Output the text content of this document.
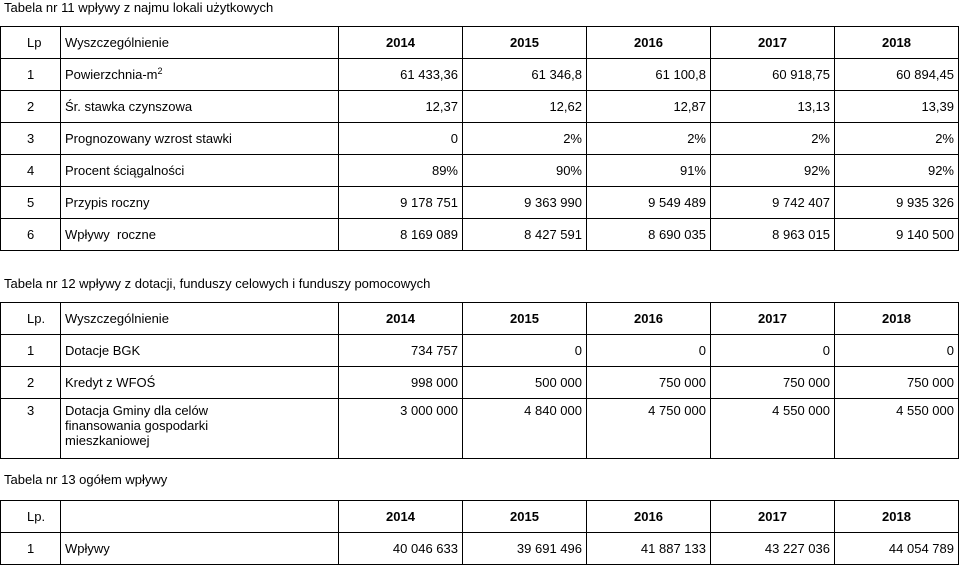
Tabela nr 11 wpływy z najmu lokali użytkowych
Lp	Wyszczególnienie	2014	2015	2016	2017	2018
1	Powierzchnia-$m^2$	61 433,36	61 346,8	61 100,8	60 918,75	60 894,45
2	Śr. stawka czynszowa	12,37	12,62	12,87	13,13	13,39
3	Prognozowany wzrost stawki	0	2%	2%	2%	2%
4	Procent ściągalności	89%	90%	91%	92%	92%
5	Przypis roczny	9 178 751	9 363 990	9 549 489	9 742 407	9 935 326
6	Wpływy  roczne	8 169 089	8 427 591	8 690 035	8 963 015	9 140 500
Tabela nr 12 wpływy z dotacji, funduszy celowych i funduszy pomocowych
Lp.	Wyszczególnienie	2014	2015	2016	2017	2018
1	Dotacje BGK	734 757	0	0	0	0
2	Kredyt z WFOŚ	998 000	500 000	750 000	750 000	750 000
3	Dotacja Gminy dla celów finansowania gospodarki mieszkaniowej	3 000 000	4 840 000	4 750 000	4 550 000	4 550 000
Tabela nr 13 ogółem wpływy
Lp.		2014	2015	2016	2017	2018
1	Wpływy	40 046 633	39 691 496	41 887 133	43 227 036	44 054 789
